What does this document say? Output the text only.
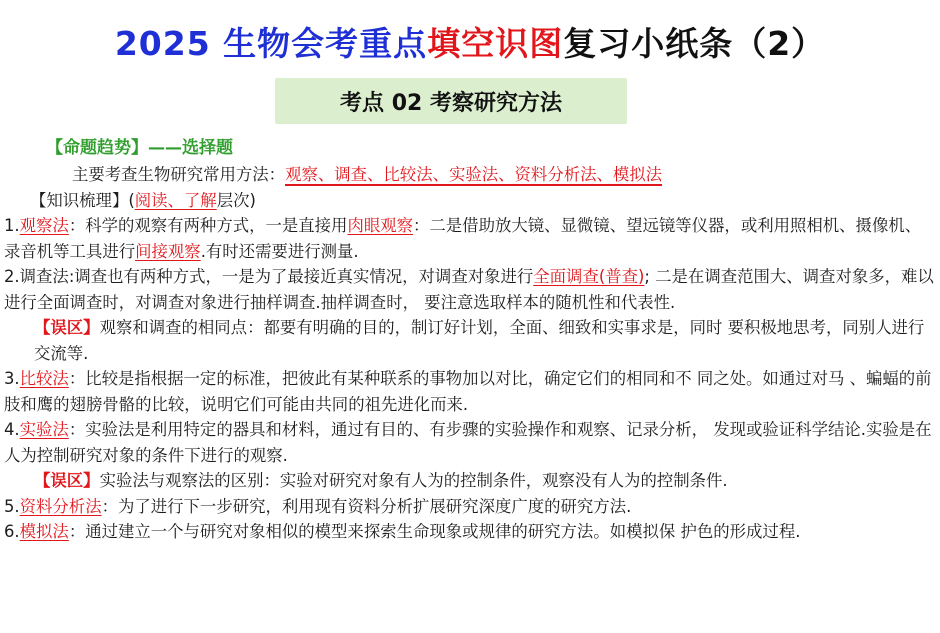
2025 生物会考重点填空识图复习小纸条（2）
考点 02 考察研究方法

【命题趋势】——选择题

主要考查生物研究常用方法：观察、调查、比较法、实验法、资料分析法、模拟法

【知识梳理】(阅读、了解层次)

1.观察法：科学的观察有两种方式，一是直接用肉眼观察：二是借助放大镜、显微镜、望远镜等仪器，或利用照相机、摄像机、录音机等工具进行间接观察.有时还需要进行测量.

2.调查法:调查也有两种方式，一是为了最接近真实情况，对调查对象进行全面调查(普查); 二是在调查范围大、调查对象多，难以进行全面调查时，对调查对象进行抽样调查.抽样调查时， 要注意选取样本的随机性和代表性.

【误区】观察和调查的相同点：都要有明确的目的，制订好计划，全面、细致和实事求是，同时 要积极地思考，同别人进行交流等.

3.比较法：比较是指根据一定的标准，把彼此有某种联系的事物加以对比，确定它们的相同和不 同之处。如通过对马 、蝙蝠的前肢和鹰的翅膀骨骼的比较，说明它们可能由共同的祖先进化而来.

4.实验法：实验法是利用特定的器具和材料，通过有目的、有步骤的实验操作和观察、记录分析， 发现或验证科学结论.实验是在人为控制研究对象的条件下进行的观察.

【误区】实验法与观察法的区别：实验对研究对象有人为的控制条件，观察没有人为的控制条件.

5.资料分析法：为了进行下一步研究，利用现有资料分析扩展研究深度广度的研究方法.

6.模拟法：通过建立一个与研究对象相似的模型来探索生命现象或规律的研究方法。如模拟保 护色的形成过程.
